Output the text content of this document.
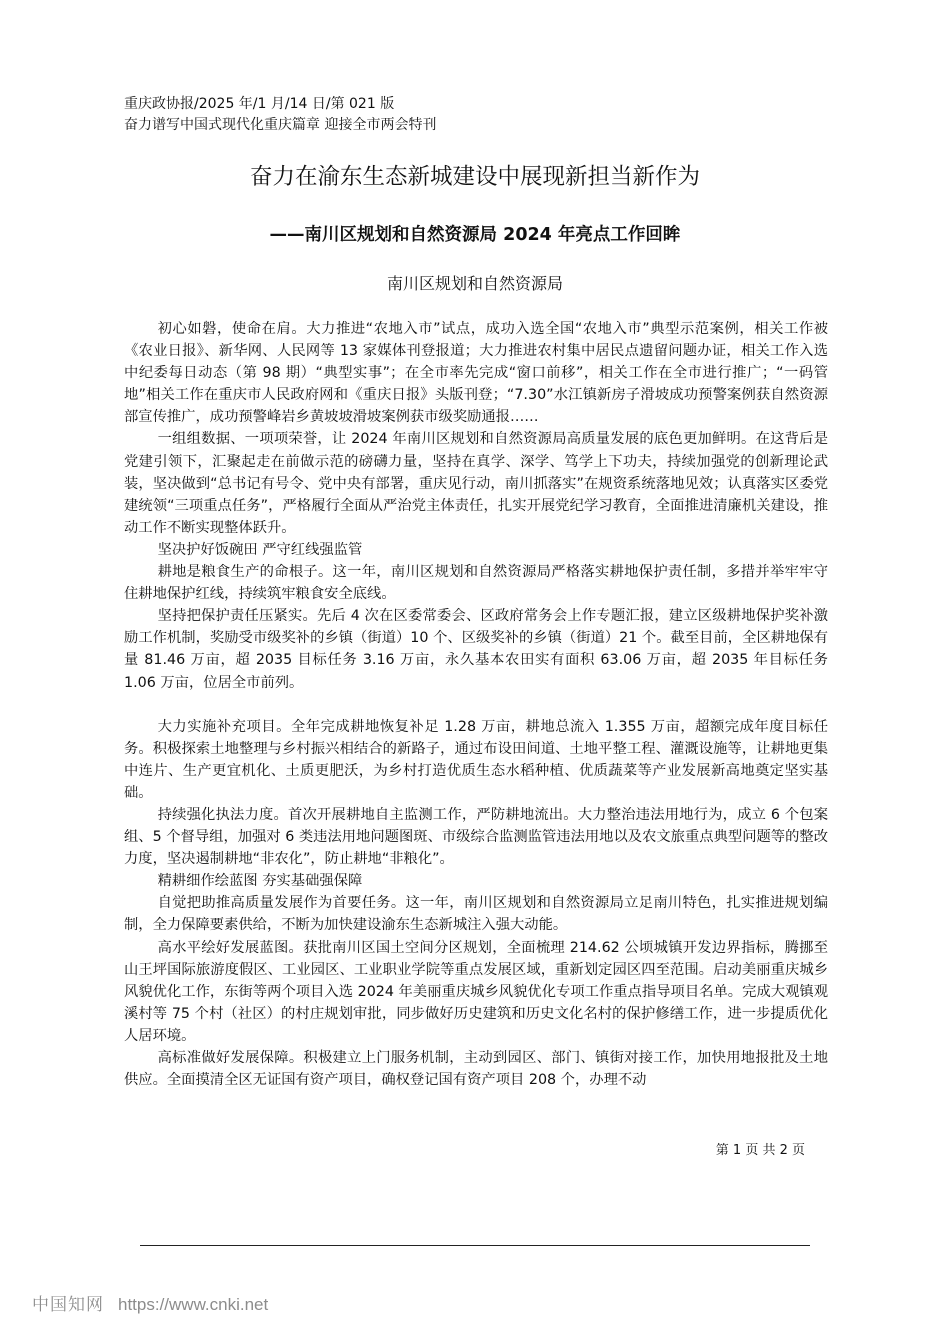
重庆政协报/2025 年/1 月/14 日/第 021 版
奋力谱写中国式现代化重庆篇章 迎接全市两会特刊
奋力在渝东生态新城建设中展现新担当新作为
——南川区规划和自然资源局 2024 年亮点工作回眸
南川区规划和自然资源局

初心如磐，使命在肩。大力推进“农地入市”试点，成功入选全国“农地入市”典型示范案例，相关工作被《农业日报》、新华网、人民网等 13 家媒体刊登报道；大力推进农村集中居民点遗留问题办证，相关工作入选中纪委每日动态（第 98 期）“典型实事”；在全市率先完成“窗口前移”，相关工作在全市进行推广；“一码管地”相关工作在重庆市人民政府网和《重庆日报》头版刊登；“7.30”水江镇新房子滑坡成功预警案例获自然资源部宣传推广，成功预警峰岩乡黄坡坡滑坡案例获市级奖励通报……

一组组数据、一项项荣誉，让 2024 年南川区规划和自然资源局高质量发展的底色更加鲜明。在这背后是党建引领下，汇聚起走在前做示范的磅礴力量，坚持在真学、深学、笃学上下功夫，持续加强党的创新理论武装，坚决做到“总书记有号令、党中央有部署，重庆见行动，南川抓落实”在规资系统落地见效；认真落实区委党建统领“三项重点任务”，严格履行全面从严治党主体责任，扎实开展党纪学习教育，全面推进清廉机关建设，推动工作不断实现整体跃升。

坚决护好饭碗田 严守红线强监管

耕地是粮食生产的命根子。这一年，南川区规划和自然资源局严格落实耕地保护责任制，多措并举牢牢守住耕地保护红线，持续筑牢粮食安全底线。

坚持把保护责任压紧实。先后 4 次在区委常委会、区政府常务会上作专题汇报，建立区级耕地保护奖补激励工作机制，奖励受市级奖补的乡镇（街道）10 个、区级奖补的乡镇（街道）21 个。截至目前，全区耕地保有量 81.46 万亩，超 2035 目标任务 3.16 万亩，永久基本农田实有面积 63.06 万亩，超 2035 年目标任务 1.06 万亩，位居全市前列。

大力实施补充项目。全年完成耕地恢复补足 1.28 万亩，耕地总流入 1.355 万亩，超额完成年度目标任务。积极探索土地整理与乡村振兴相结合的新路子，通过布设田间道、土地平整工程、灌溉设施等，让耕地更集中连片、生产更宜机化、土质更肥沃，为乡村打造优质生态水稻种植、优质蔬菜等产业发展新高地奠定坚实基础。

持续强化执法力度。首次开展耕地自主监测工作，严防耕地流出。大力整治违法用地行为，成立 6 个包案组、5 个督导组，加强对 6 类违法用地问题图斑、市级综合监测监管违法用地以及农文旅重点典型问题等的整改力度，坚决遏制耕地“非农化”，防止耕地“非粮化”。

精耕细作绘蓝图 夯实基础强保障

自觉把助推高质量发展作为首要任务。这一年，南川区规划和自然资源局立足南川特色，扎实推进规划编制，全力保障要素供给，不断为加快建设渝东生态新城注入强大动能。

高水平绘好发展蓝图。获批南川区国土空间分区规划，全面梳理 214.62 公顷城镇开发边界指标，腾挪至山王坪国际旅游度假区、工业园区、工业职业学院等重点发展区域，重新划定园区四至范围。启动美丽重庆城乡风貌优化工作，东街等两个项目入选 2024 年美丽重庆城乡风貌优化专项工作重点指导项目名单。完成大观镇观溪村等 75 个村（社区）的村庄规划审批，同步做好历史建筑和历史文化名村的保护修缮工作，进一步提质优化人居环境。

高标准做好发展保障。积极建立上门服务机制，主动到园区、部门、镇街对接工作，加快用地报批及土地供应。全面摸清全区无证国有资产项目，确权登记国有资产项目 208 个，办理不动

第 1 页 共 2 页
中国知网 https://www.cnki.net
